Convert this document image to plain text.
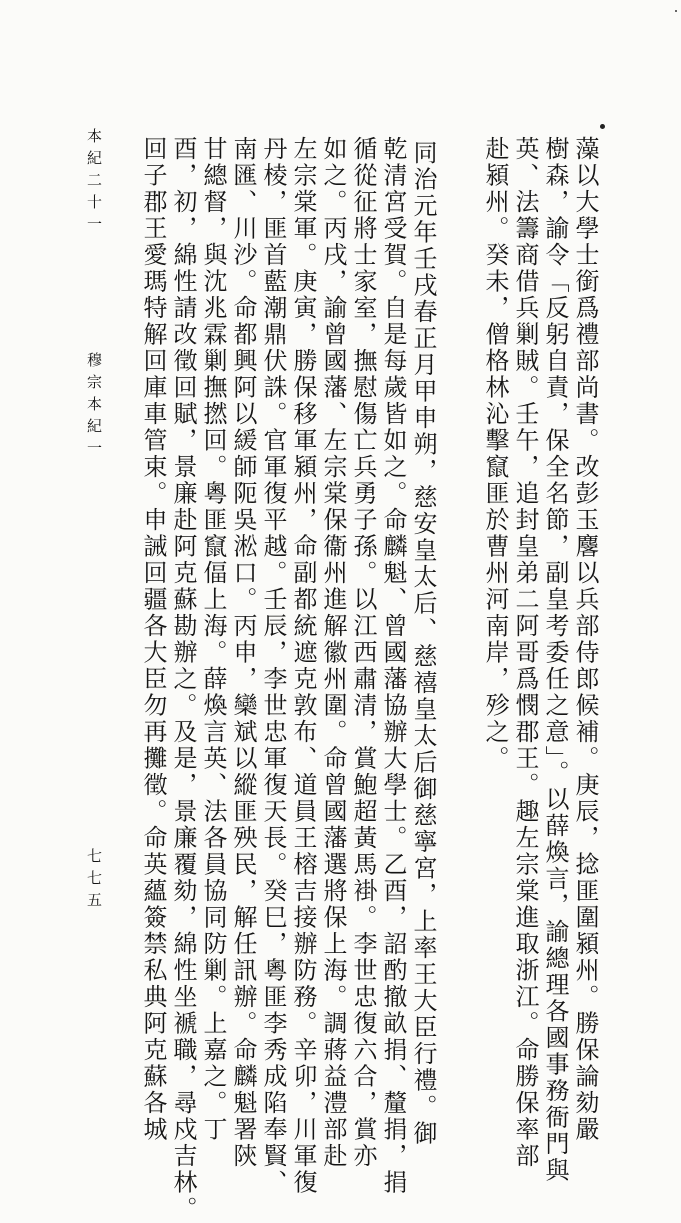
本紀二十一
穆宗本紀一
七七五	藻以大學士銜爲禮部尚書。改彭玉麐以兵部侍郎候補。庚辰，捻匪圍潁州。勝保論劾嚴
樹森，諭令「反躬自責，保全名節，副皇考委任之意」。以薛煥言，諭總理各國事務衙門與
英、法籌商借兵剿賊。壬午，追封皇弟二阿哥爲憫郡王。趣左宗棠進取浙江。命勝保率部
赴潁州。癸未，僧格林沁擊竄匪於曹州河南岸，殄之。
同治元年壬戌春正月甲申朔，慈安皇太后、慈禧皇太后御慈寧宮，上率王大臣行禮。御
乾清宮受賀。自是每歲皆如之。命麟魁、曾國藩協辦大學士。乙酉，詔酌撤畝捐、釐捐，捐
循從征將士家室，撫慰傷亡兵勇子孫。以江西肅清，賞鮑超黃馬褂。李世忠復六合，賞亦
如之。丙戌，諭曾國藩、左宗棠保衞州進解徽州圍。命曾國藩選將保上海。調蔣益澧部赴
左宗棠軍。庚寅，勝保移軍潁州，命副都統遮克敦布、道員王榕吉接辦防務。辛卯，川軍復
丹棱，匪首藍潮鼎伏誅。官軍復平越。壬辰，李世忠軍復天長。癸巳，粵匪李秀成陷奉賢、
南匯、川沙。命都興阿以緩師阨吳淞口。丙申，欒斌以縱匪殃民，解任訊辦。命麟魁署陝
甘總督，與沈兆霖剿撫撚回。粵匪竄偪上海。薛煥言英、法各員協同防剿。上嘉之。丁
酉，初，綿性請改徵回賦，景廉赴阿克蘇勘辦之。及是，景廉覆劾，綿性坐褫職，尋戍吉林。
回子郡王愛瑪特解回庫車管束。申誡回疆各大臣勿再攤徵。命英蘊簽禁私典阿克蘇各城
